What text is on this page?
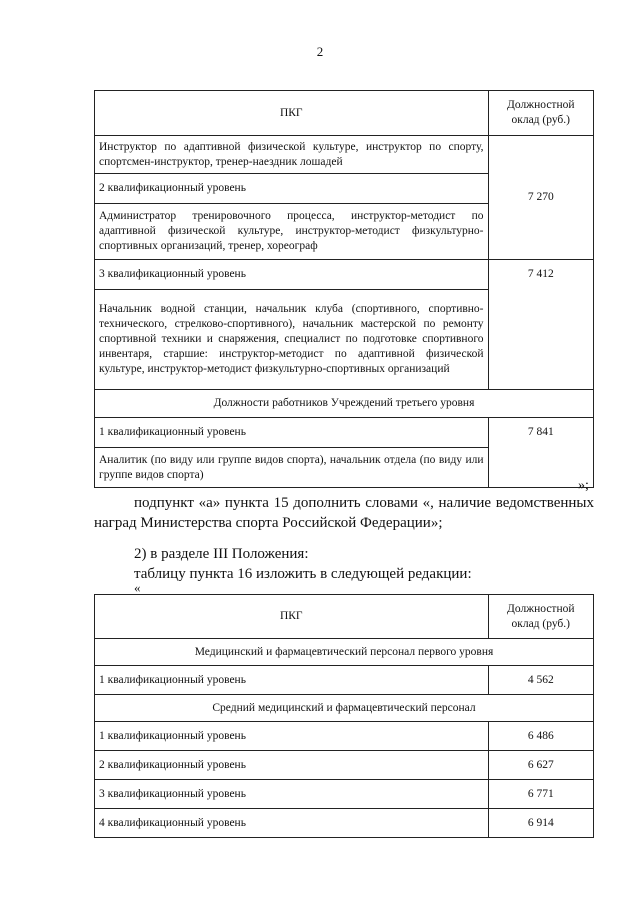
2
ПКГ	Должностной оклад (руб.)
Инструктор по адаптивной физической культуре, инструктор по спорту, спортсмен-инструктор, тренер-наездник лошадей	7 270
2 квалификационный уровень	
Администратор тренировочного процесса, инструктор-методист по адаптивной физической культуре, инструктор-методист физкультурно-спортивных организаций, тренер, хореограф	
3 квалификационный уровень	7 412
Начальник водной станции, начальник клуба (спортивного, спортивно-технического, стрелково-спортивного), начальник мастерской по ремонту спортивной техники и снаряжения, специалист по подготовке спортивного инвентаря, старшие: инструктор-методист по адаптивной физической культуре, инструктор-методист физкультурно-спортивных организаций	
Должности работников Учреждений третьего уровня	
1 квалификационный уровень	7 841
Аналитик (по виду или группе видов спорта), начальник отдела (по виду или группе видов спорта)	
»;
подпункт «а» пункта 15 дополнить словами «, наличие ведомственных наград Министерства спорта Российской Федерации»;
2) в разделе III Положения:
таблицу пункта 16 изложить в следующей редакции:
«
ПКГ	Должностной оклад (руб.)
Медицинский и фармацевтический персонал первого уровня	
1 квалификационный уровень	4 562
Средний медицинский и фармацевтический персонал	
1 квалификационный уровень	6 486
2 квалификационный уровень	6 627
3 квалификационный уровень	6 771
4 квалификационный уровень	6 914
